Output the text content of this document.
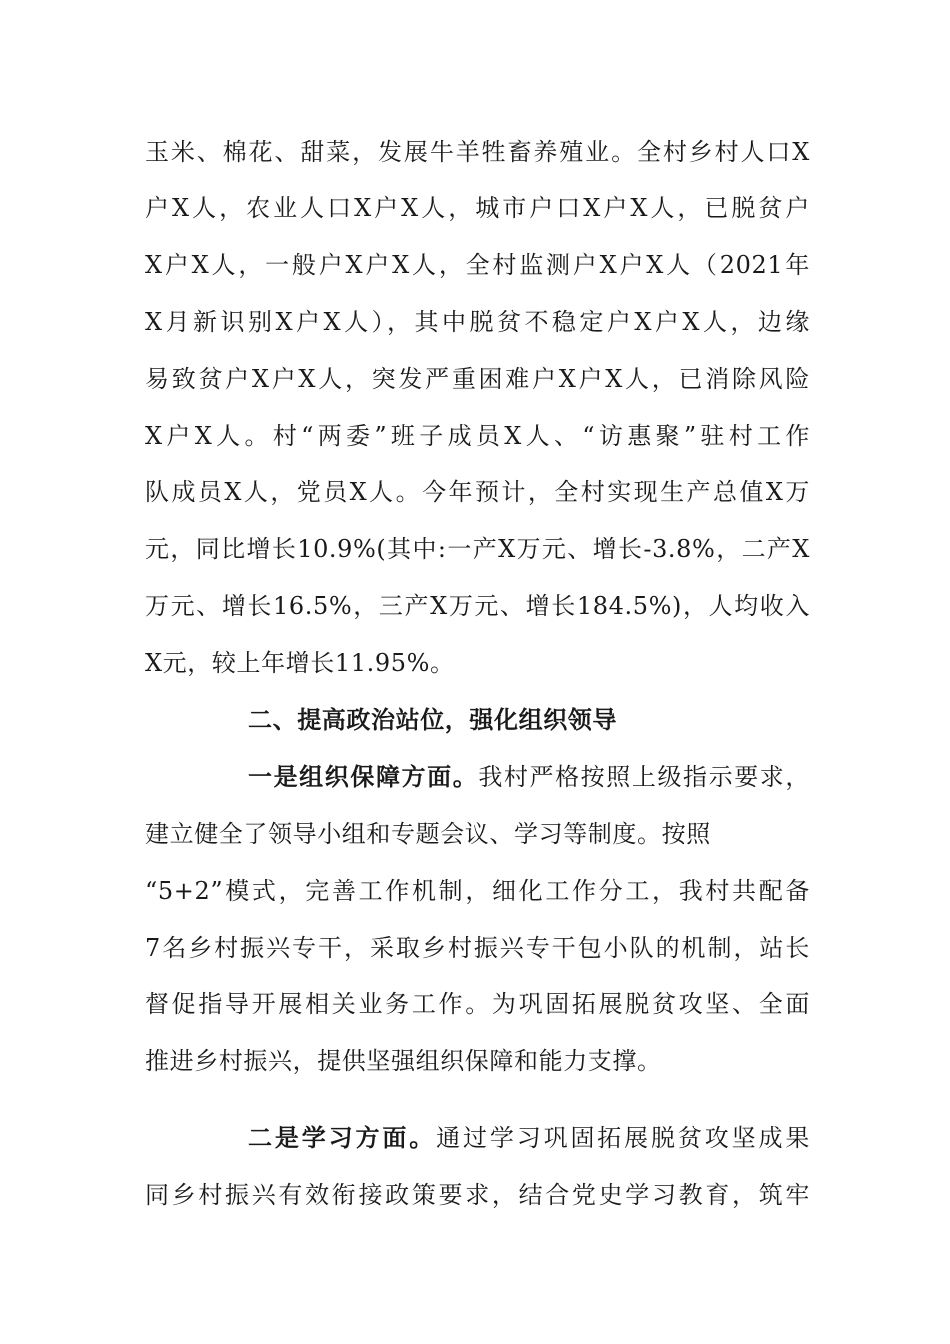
玉米、棉花、甜菜，发展牛羊牲畜养殖业。全村乡村人口X
户X人，农业人口X户X人，城市户口X户X人，已脱贫户
X户X人，一般户X户X人，全村监测户X户X人（2021年
X月新识别X户X人），其中脱贫不稳定户X户X人，边缘
易致贫户X户X人，突发严重困难户X户X人，已消除风险
X户X人。村“两委”班子成员X人、“访惠聚”驻村工作
队成员X人，党员X人。今年预计，全村实现生产总值X万
元，同比增长10.9%(其中:一产X万元、增长-3.8%，二产X
万元、增长16.5%，三产X万元、增长184.5%)，人均收入
X元，较上年增长11.95%。
二、提高政治站位，强化组织领导
一是组织保障方面。我村严格按照上级指示要求，
建立健全了领导小组和专题会议、学习等制度。按照
“5+2”模式，完善工作机制，细化工作分工，我村共配备
7名乡村振兴专干，采取乡村振兴专干包小队的机制，站长
督促指导开展相关业务工作。为巩固拓展脱贫攻坚、全面
推进乡村振兴，提供坚强组织保障和能力支撑。
二是学习方面。通过学习巩固拓展脱贫攻坚成果
同乡村振兴有效衔接政策要求，结合党史学习教育，筑牢
